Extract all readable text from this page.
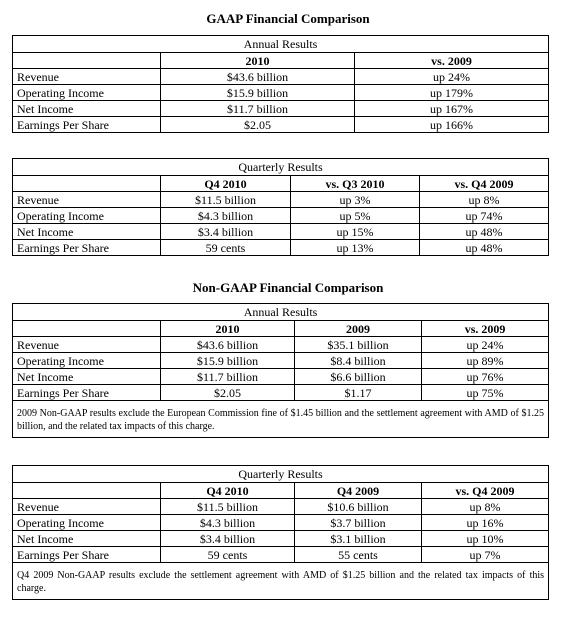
GAAP Financial Comparison
Annual Results		
	2010	vs. 2009
Revenue	$43.6 billion	up 24%
Operating Income	$15.9 billion	up 179%
Net Income	$11.7 billion	up 167%
Earnings Per Share	$2.05	up 166%
Quarterly Results			
	Q4 2010	vs. Q3 2010	vs. Q4 2009
Revenue	$11.5 billion	up 3%	up 8%
Operating Income	$4.3 billion	up 5%	up 74%
Net Income	$3.4 billion	up 15%	up 48%
Earnings Per Share	59 cents	up 13%	up 48%
Non-GAAP Financial Comparison
Annual Results			
	2010	2009	vs. 2009
Revenue	$43.6 billion	$35.1 billion	up 24%
Operating Income	$15.9 billion	$8.4 billion	up 89%
Net Income	$11.7 billion	$6.6 billion	up 76%
Earnings Per Share	$2.05	$1.17	up 75%
2009 Non-GAAP results exclude the European Commission fine of $1.45 billion and the settlement agreement with AMD of $1.25 billion, and the related tax impacts of this charge.			
Quarterly Results			
	Q4 2010	Q4 2009	vs. Q4 2009
Revenue	$11.5 billion	$10.6 billion	up 8%
Operating Income	$4.3 billion	$3.7 billion	up 16%
Net Income	$3.4 billion	$3.1 billion	up 10%
Earnings Per Share	59 cents	55 cents	up 7%
Q4 2009 Non-GAAP results exclude the settlement agreement with AMD of $1.25 billion and the related tax impacts of this charge.			
